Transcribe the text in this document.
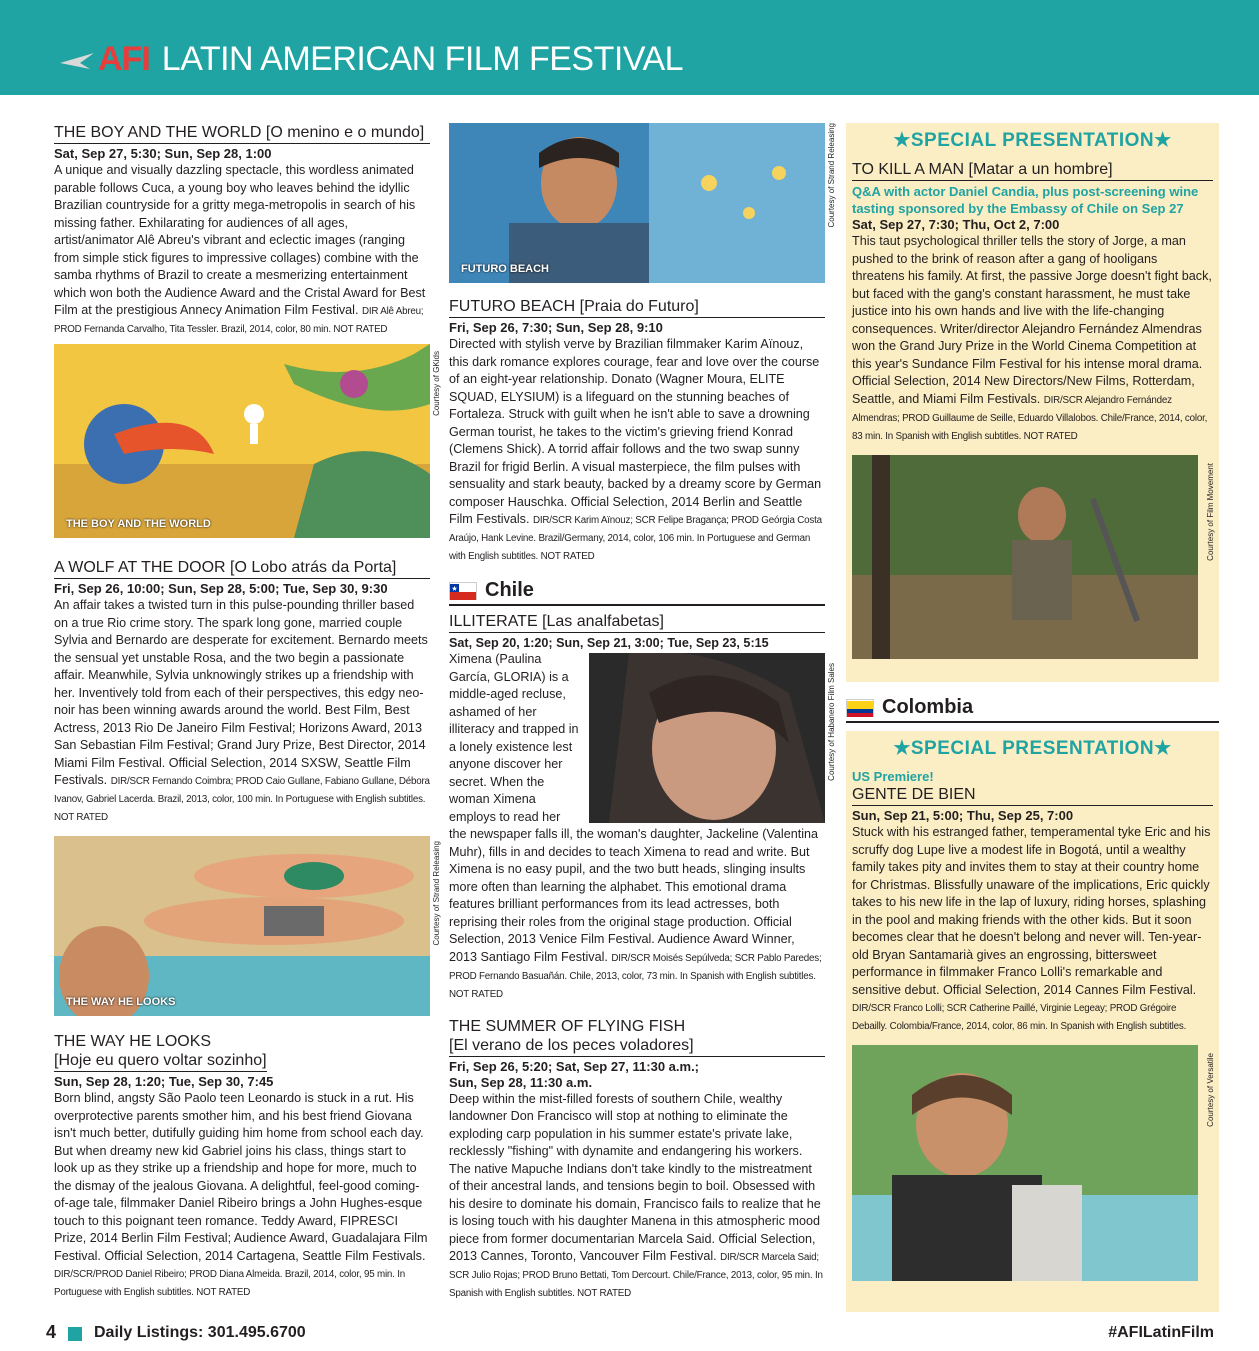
AFI LATIN AMERICAN FILM FESTIVAL
THE BOY AND THE WORLD [O menino e o mundo]
Sat, Sep 27, 5:30; Sun, Sep 28, 1:00

A unique and visually dazzling spectacle, this wordless animated parable follows Cuca, a young boy who leaves behind the idyllic Brazilian countryside for a gritty mega-metropolis in search of his missing father. Exhilarating for audiences of all ages, artist/animator Alê Abreu's vibrant and eclectic images (ranging from simple stick figures to impressive collages) combine with the samba rhythms of Brazil to create a mesmerizing entertainment which won both the Audience Award and the Cristal Award for Best Film at the prestigious Annecy Animation Film Festival. DIR Alê Abreu; PROD Fernanda Carvalho, Tita Tessler. Brazil, 2014, color, 80 min. NOT RATED

THE BOY AND THE WORLD
Courtesy of GKids
A WOLF AT THE DOOR [O Lobo atrás da Porta]
Fri, Sep 26, 10:00; Sun, Sep 28, 5:00; Tue, Sep 30, 9:30

An affair takes a twisted turn in this pulse-pounding thriller based on a true Rio crime story. The spark long gone, married couple Sylvia and Bernardo are desperate for excitement. Bernardo meets the sensual yet unstable Rosa, and the two begin a passionate affair. Meanwhile, Sylvia unknowingly strikes up a friendship with her. Inventively told from each of their perspectives, this edgy neo-noir has been winning awards around the world. Best Film, Best Actress, 2013 Rio De Janeiro Film Festival; Horizons Award, 2013 San Sebastian Film Festival; Grand Jury Prize, Best Director, 2014 Miami Film Festival. Official Selection, 2014 SXSW, Seattle Film Festivals. DIR/SCR Fernando Coimbra; PROD Caio Gullane, Fabiano Gullane, Débora Ivanov, Gabriel Lacerda. Brazil, 2013, color, 100 min. In Portuguese with English subtitles. NOT RATED

THE WAY HE LOOKS
Courtesy of Strand Releasing
THE WAY HE LOOKS
[Hoje eu quero voltar sozinho]
Sun, Sep 28, 1:20; Tue, Sep 30, 7:45

Born blind, angsty São Paolo teen Leonardo is stuck in a rut. His overprotective parents smother him, and his best friend Giovana isn't much better, dutifully guiding him home from school each day. But when dreamy new kid Gabriel joins his class, things start to look up as they strike up a friendship and hope for more, much to the dismay of the jealous Giovana. A delightful, feel-good coming-of-age tale, filmmaker Daniel Ribeiro brings a John Hughes-esque touch to this poignant teen romance. Teddy Award, FIPRESCI Prize, 2014 Berlin Film Festival; Audience Award, Guadalajara Film Festival. Official Selection, 2014 Cartagena, Seattle Film Festivals. DIR/SCR/PROD Daniel Ribeiro; PROD Diana Almeida. Brazil, 2014, color, 95 min. In Portuguese with English subtitles. NOT RATED

FUTURO BEACH
Courtesy of Strand Releasing
FUTURO BEACH [Praia do Futuro]
Fri, Sep 26, 7:30; Sun, Sep 28, 9:10

Directed with stylish verve by Brazilian filmmaker Karim Aïnouz, this dark romance explores courage, fear and love over the course of an eight-year relationship. Donato (Wagner Moura, ELITE SQUAD, ELYSIUM) is a lifeguard on the stunning beaches of Fortaleza. Struck with guilt when he isn't able to save a drowning German tourist, he takes to the victim's grieving friend Konrad (Clemens Shick). A torrid affair follows and the two swap sunny Brazil for frigid Berlin. A visual masterpiece, the film pulses with sensuality and stark beauty, backed by a dreamy score by German composer Hauschka. Official Selection, 2014 Berlin and Seattle Film Festivals. DIR/SCR Karim Aïnouz; SCR Felipe Bragança; PROD Geórgia Costa Araújo, Hank Levine. Brazil/Germany, 2014, color, 106 min. In Portuguese and German with English subtitles. NOT RATED

Chile
ILLITERATE [Las analfabetas]
Sat, Sep 20, 1:20; Sun, Sep 21, 3:00; Tue, Sep 23, 5:15

Ximena (Paulina García, GLORIA) is a middle-aged recluse, ashamed of her illiteracy and trapped in a lonely existence lest anyone discover her secret. When the woman Ximena employs to read her the newspaper falls ill, the woman's daughter, Jackeline (Valentina Muhr), fills in and decides to teach Ximena to read and write. But Ximena is no easy pupil, and the two butt heads, slinging insults more often than learning the alphabet. This emotional drama features brilliant performances from its lead actresses, both reprising their roles from the original stage production. Official Selection, 2013 Venice Film Festival. Audience Award Winner, 2013 Santiago Film Festival. DIR/SCR Moisés Sepúlveda; SCR Pablo Paredes; PROD Fernando Basuañán. Chile, 2013, color, 73 min. In Spanish with English subtitles. NOT RATED

Courtesy of Habanero Film Sales
THE SUMMER OF FLYING FISH
[El verano de los peces voladores]
Fri, Sep 26, 5:20; Sat, Sep 27, 11:30 a.m.;
Sun, Sep 28, 11:30 a.m.

Deep within the mist-filled forests of southern Chile, wealthy landowner Don Francisco will stop at nothing to eliminate the exploding carp population in his summer estate's private lake, recklessly "fishing" with dynamite and endangering his workers. The native Mapuche Indians don't take kindly to the mistreatment of their ancestral lands, and tensions begin to boil. Obsessed with his desire to dominate his domain, Francisco fails to realize that he is losing touch with his daughter Manena in this atmospheric mood piece from former documentarian Marcela Said. Official Selection, 2013 Cannes, Toronto, Vancouver Film Festival. DIR/SCR Marcela Said; SCR Julio Rojas; PROD Bruno Bettati, Tom Dercourt. Chile/France, 2013, color, 95 min. In Spanish with English subtitles. NOT RATED

★SPECIAL PRESENTATION★
TO KILL A MAN [Matar a un hombre]
Q&A with actor Daniel Candia, plus post-screening wine tasting sponsored by the Embassy of Chile on Sep 27
Sat, Sep 27, 7:30; Thu, Oct 2, 7:00

This taut psychological thriller tells the story of Jorge, a man pushed to the brink of reason after a gang of hooligans threatens his family. At first, the passive Jorge doesn't fight back, but faced with the gang's constant harassment, he must take justice into his own hands and live with the life-changing consequences. Writer/director Alejandro Fernández Almendras won the Grand Jury Prize in the World Cinema Competition at this year's Sundance Film Festival for his intense moral drama. Official Selection, 2014 New Directors/New Films, Rotterdam, Seattle, and Miami Film Festivals. DIR/SCR Alejandro Fernández Almendras; PROD Guillaume de Seille, Eduardo Villalobos. Chile/France, 2014, color, 83 min. In Spanish with English subtitles. NOT RATED

Courtesy of Film Movement
Colombia
★SPECIAL PRESENTATION★
US Premiere!
GENTE DE BIEN
Sun, Sep 21, 5:00; Thu, Sep 25, 7:00

Stuck with his estranged father, temperamental tyke Eric and his scruffy dog Lupe live a modest life in Bogotá, until a wealthy family takes pity and invites them to stay at their country home for Christmas. Blissfully unaware of the implications, Eric quickly takes to his new life in the lap of luxury, riding horses, splashing in the pool and making friends with the other kids. But it soon becomes clear that he doesn't belong and never will. Ten-year-old Bryan Santamarià gives an engrossing, bittersweet performance in filmmaker Franco Lolli's remarkable and sensitive debut. Official Selection, 2014 Cannes Film Festival. DIR/SCR Franco Lolli; SCR Catherine Paillé, Virginie Legeay; PROD Grégoire Debailly. Colombia/France, 2014, color, 86 min. In Spanish with English subtitles.

Courtesy of Versatile
4 Daily Listings: 301.495.6700	#AFILatinFilm
